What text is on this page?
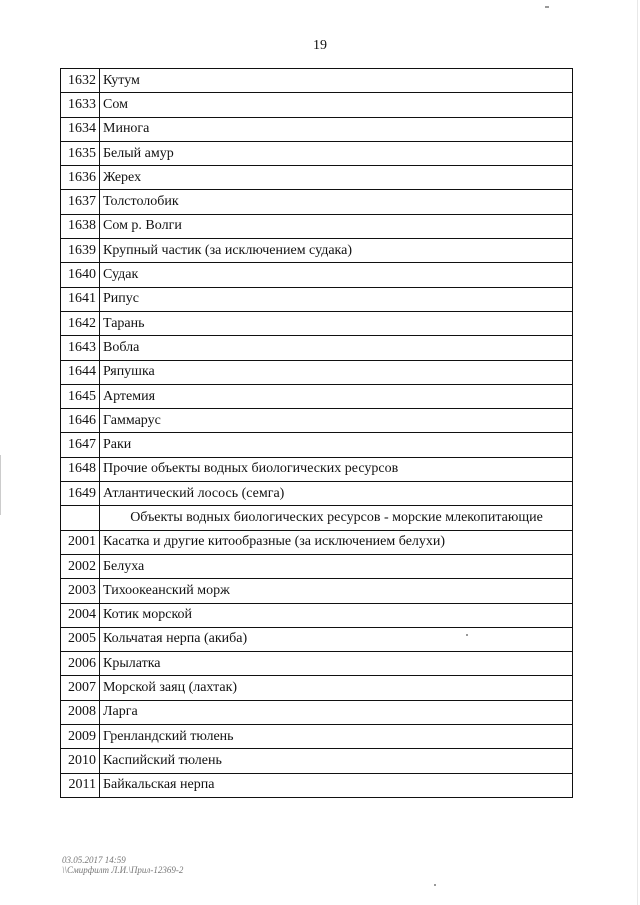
19
1632	Кутум
1633	Сом
1634	Минога
1635	Белый амур
1636	Жерех
1637	Толстолобик
1638	Сом р. Волги
1639	Крупный частик (за исключением судака)
1640	Судак
1641	Рипус
1642	Тарань
1643	Вобла
1644	Ряпушка
1645	Артемия
1646	Гаммарус
1647	Раки
1648	Прочие объекты водных биологических ресурсов
1649	Атлантический лосось (семга)
	Объекты водных биологических ресурсов - морские млекопитающие
2001	Касатка и другие китообразные (за исключением белухи)
2002	Белуха
2003	Тихоокеанский морж
2004	Котик морской
2005	Кольчатая нерпа (акиба)
2006	Крылатка
2007	Морской заяц (лахтак)
2008	Ларга
2009	Гренландский тюлень
2010	Каспийский тюлень
2011	Байкальская нерпа
03.05.2017 14:59
\\Смирфилт Л.И.\Прил-12369-2
